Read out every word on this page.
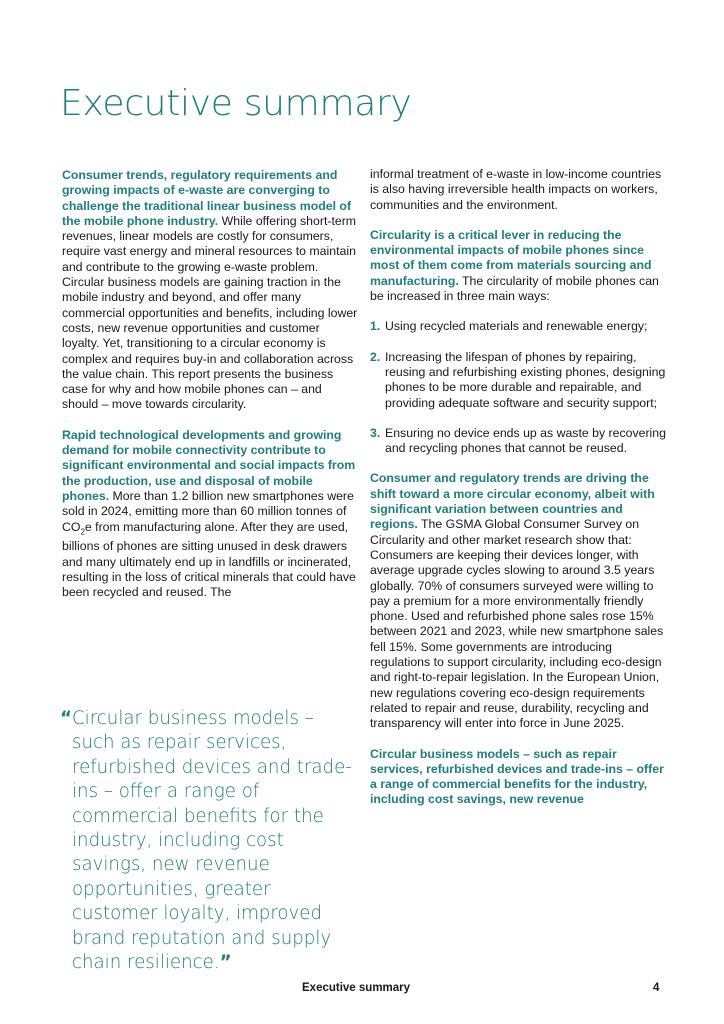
Executive summary

Consumer trends, regulatory requirements and growing impacts of e-waste are converging to challenge the traditional linear business model of the mobile phone industry. While offering short-term revenues, linear models are costly for consumers, require vast energy and mineral resources to maintain and contribute to the growing e-waste problem. Circular business models are gaining traction in the mobile industry and beyond, and offer many commercial opportunities and benefits, including lower costs, new revenue opportunities and customer loyalty. Yet, transitioning to a circular economy is complex and requires buy-in and collaboration across the value chain. This report presents the business case for why and how mobile phones can – and should – move towards circularity.

Rapid technological developments and growing demand for mobile connectivity contribute to significant environmental and social impacts from the production, use and disposal of mobile phones. More than 1.2 billion new smartphones were sold in 2024, emitting more than 60 million tonnes of $CO_2e$ from manufacturing alone. After they are used, billions of phones are sitting unused in desk drawers and many ultimately end up in landfills or incinerated, resulting in the loss of critical minerals that could have been recycled and reused. The

“Circular business models – such as repair services, refurbished devices and trade-ins – offer a range of commercial benefits for the industry, including cost savings, new revenue opportunities, greater customer loyalty, improved brand reputation and supply chain resilience.”

informal treatment of e-waste in low-income countries is also having irreversible health impacts on workers, communities and the environment.

Circularity is a critical lever in reducing the environmental impacts of mobile phones since most of them come from materials sourcing and manufacturing. The circularity of mobile phones can be increased in three main ways:

1. Using recycled materials and renewable energy;
2. Increasing the lifespan of phones by repairing, reusing and refurbishing existing phones, designing phones to be more durable and repairable, and providing adequate software and security support;
3. Ensuring no device ends up as waste by recovering and recycling phones that cannot be reused.

Consumer and regulatory trends are driving the shift toward a more circular economy, albeit with significant variation between countries and regions. The GSMA Global Consumer Survey on Circularity and other market research show that: Consumers are keeping their devices longer, with average upgrade cycles slowing to around 3.5 years globally. 70% of consumers surveyed were willing to pay a premium for a more environmentally friendly phone. Used and refurbished phone sales rose 15% between 2021 and 2023, while new smartphone sales fell 15%. Some governments are introducing regulations to support circularity, including eco-design and right-to-repair legislation. In the European Union, new regulations covering eco-design requirements related to repair and reuse, durability, recycling and transparency will enter into force in June 2025.

Circular business models – such as repair services, refurbished devices and trade-ins – offer a range of commercial benefits for the industry, including cost savings, new revenue

Executive summary	4
